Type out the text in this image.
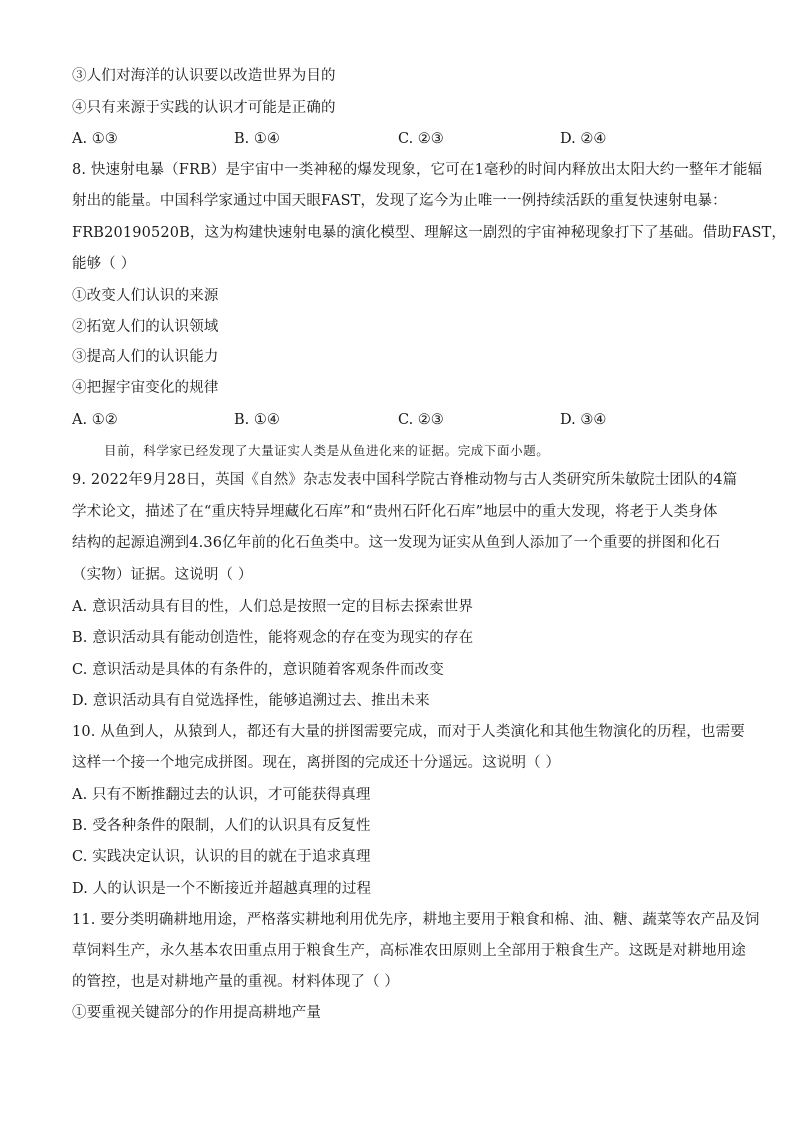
③人们对海洋的认识要以改造世界为目的
④只有来源于实践的认识才可能是正确的
A. ①③	B. ①④	C. ②③	D. ②④
8. 快速射电暴（FRB）是宇宙中一类神秘的爆发现象，它可在1毫秒的时间内释放出太阳大约一整年才能辐
射出的能量。中国科学家通过中国天眼FAST，发现了迄今为止唯一一例持续活跃的重复快速射电暴：
FRB20190520B，这为构建快速射电暴的演化模型、理解这一剧烈的宇宙神秘现象打下了基础。借助FAST，
能够（ ）
①改变人们认识的来源
②拓宽人们的认识领域
③提高人们的认识能力
④把握宇宙变化的规律
A. ①②	B. ①④	C. ②③	D. ③④
目前，科学家已经发现了大量证实人类是从鱼进化来的证据。完成下面小题。
9. 2022年9月28日，英国《自然》杂志发表中国科学院古脊椎动物与古人类研究所朱敏院士团队的4篇
学术论文，描述了在“重庆特异埋藏化石库”和“贵州石阡化石库”地层中的重大发现，将老于人类身体
结构的起源追溯到4.36亿年前的化石鱼类中。这一发现为证实从鱼到人添加了一个重要的拼图和化石
（实物）证据。这说明（ ）
A. 意识活动具有目的性，人们总是按照一定的目标去探索世界
B. 意识活动具有能动创造性，能将观念的存在变为现实的存在
C. 意识活动是具体的有条件的，意识随着客观条件而改变
D. 意识活动具有自觉选择性，能够追溯过去、推出未来
10. 从鱼到人，从猿到人，都还有大量的拼图需要完成，而对于人类演化和其他生物演化的历程，也需要
这样一个接一个地完成拼图。现在，离拼图的完成还十分遥远。这说明（ ）
A. 只有不断推翻过去的认识，才可能获得真理
B. 受各种条件的限制，人们的认识具有反复性
C. 实践决定认识，认识的目的就在于追求真理
D. 人的认识是一个不断接近并超越真理的过程
11. 要分类明确耕地用途，严格落实耕地利用优先序，耕地主要用于粮食和棉、油、糖、蔬菜等农产品及饲
草饲料生产，永久基本农田重点用于粮食生产，高标准农田原则上全部用于粮食生产。这既是对耕地用途
的管控，也是对耕地产量的重视。材料体现了（ ）
①要重视关键部分的作用提高耕地产量
